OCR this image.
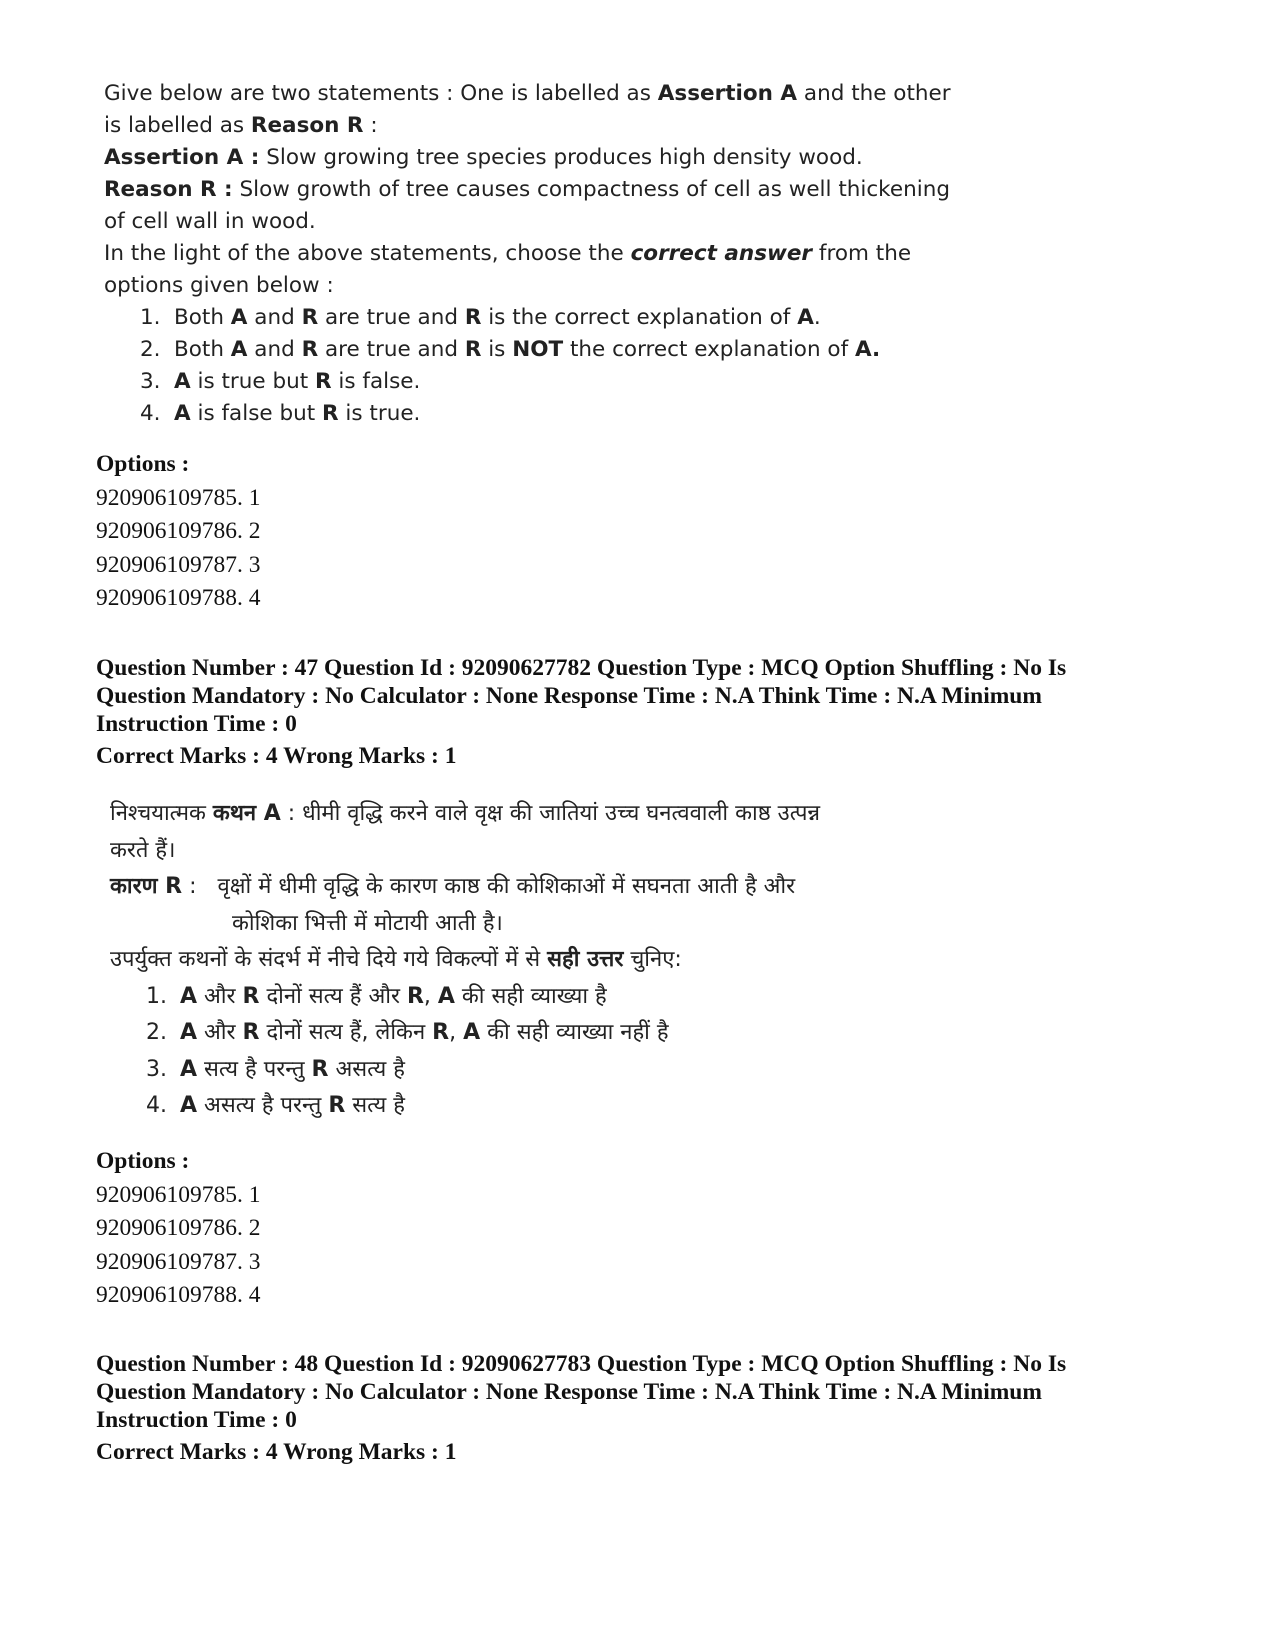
Give below are two statements : One is labelled as Assertion A and the other
is labelled as Reason R :
Assertion A : Slow growing tree species produces high density wood.
Reason R : Slow growth of tree causes compactness of cell as well thickening
of cell wall in wood.
In the light of the above statements, choose the correct answer from the
options given below :
1. Both A and R are true and R is the correct explanation of A.
2. Both A and R are true and R is NOT the correct explanation of A.
3. A is true but R is false.
4. A is false but R is true.
Options :
920906109785. 1
920906109786. 2
920906109787. 3
920906109788. 4
Question Number : 47 Question Id : 92090627782 Question Type : MCQ Option Shuffling : No Is
Question Mandatory : No Calculator : None Response Time : N.A Think Time : N.A Minimum
Instruction Time : 0
Correct Marks : 4 Wrong Marks : 1
निश्चयात्मक कथन A : धीमी वृद्धि करने वाले वृक्ष की जातियां उच्च घनत्ववाली काष्ठ उत्पन्न
करते हैं।
कारण R :   वृक्षों में धीमी वृद्धि के कारण काष्ठ की कोशिकाओं में सघनता आती है और
कोशिका भित्ती में मोटायी आती है।
उपर्युक्त कथनों के संदर्भ में नीचे दिये गये विकल्पों में से सही उत्तर चुनिए:
1. A और R दोनों सत्य हैं और R, A की सही व्याख्या है
2. A और R दोनों सत्य हैं, लेकिन R, A की सही व्याख्या नहीं है
3. A सत्य है परन्तु R असत्य है
4. A असत्य है परन्तु R सत्य है
Options :
920906109785. 1
920906109786. 2
920906109787. 3
920906109788. 4
Question Number : 48 Question Id : 92090627783 Question Type : MCQ Option Shuffling : No Is
Question Mandatory : No Calculator : None Response Time : N.A Think Time : N.A Minimum
Instruction Time : 0
Correct Marks : 4 Wrong Marks : 1
